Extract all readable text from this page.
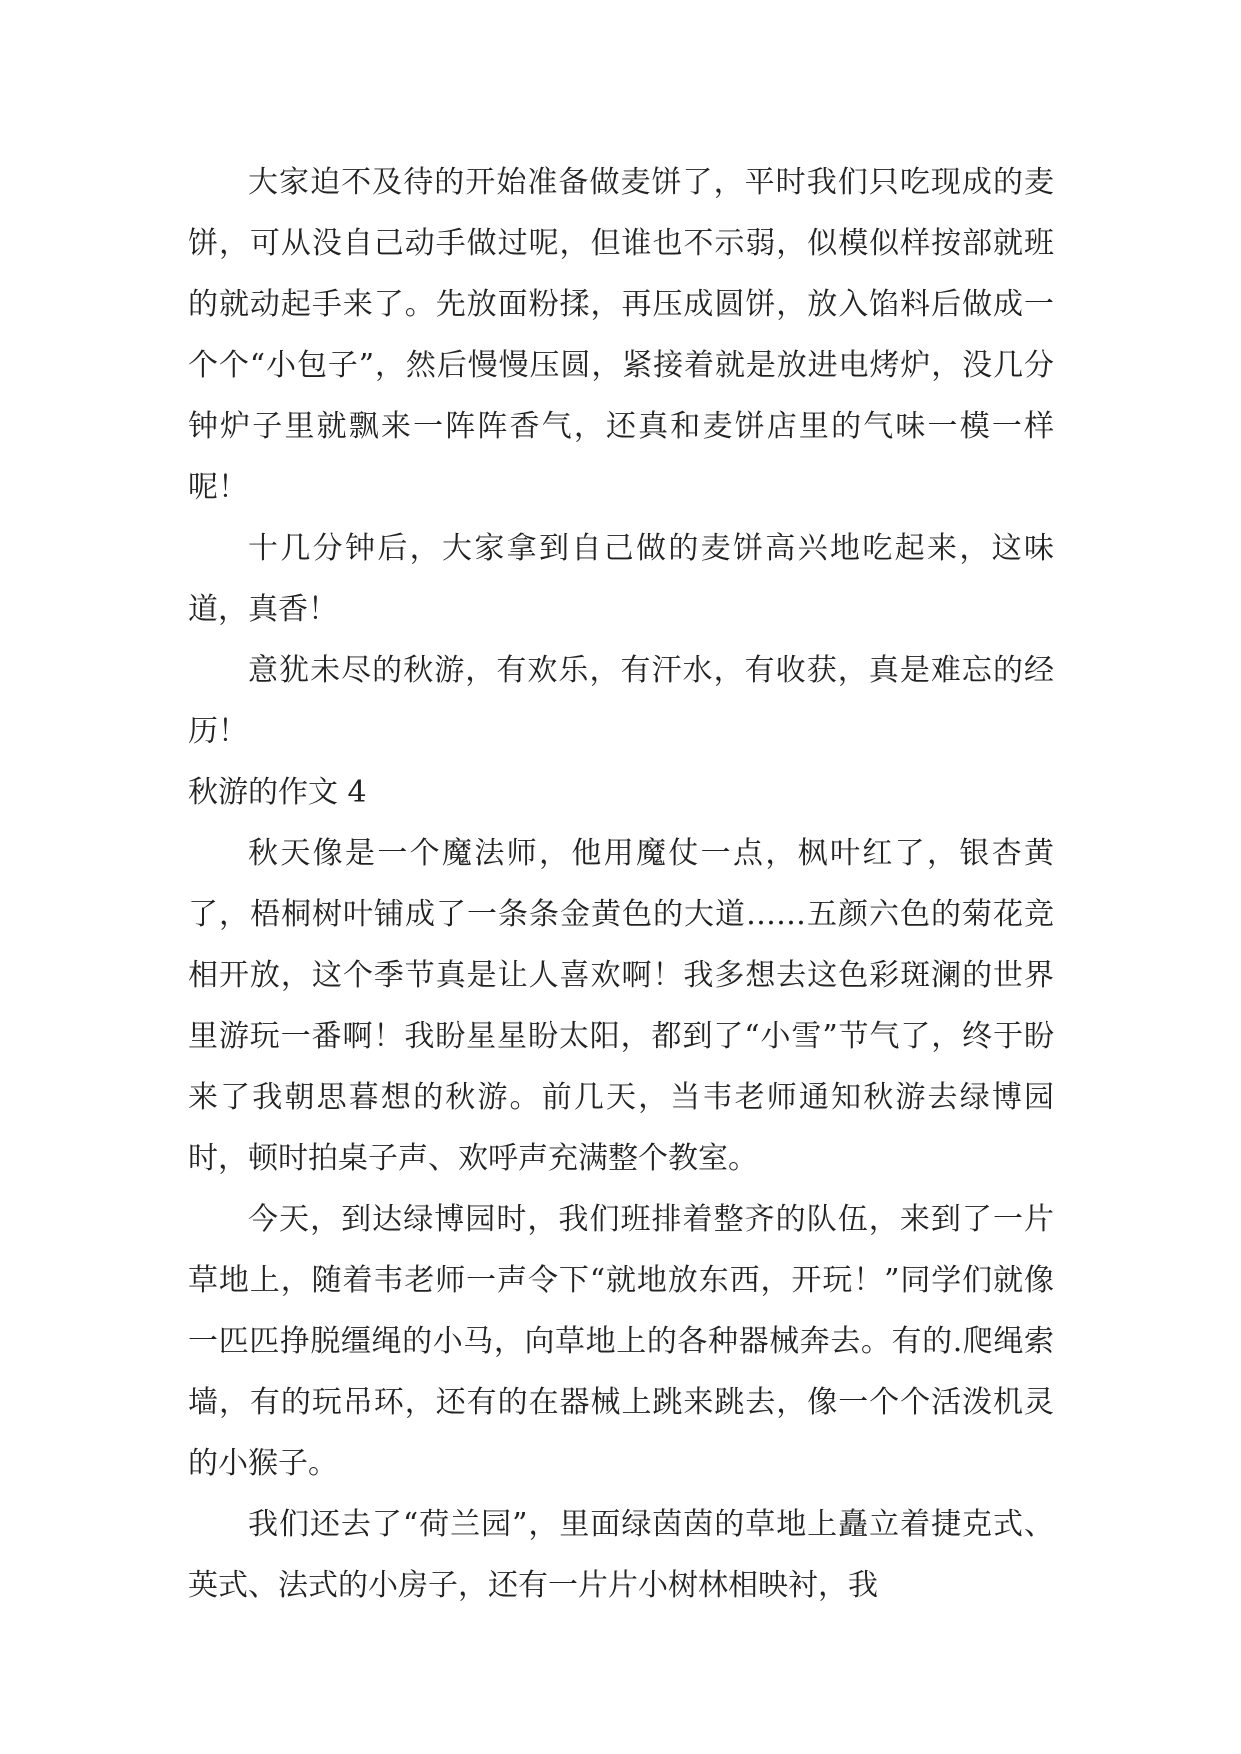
大家迫不及待的开始准备做麦饼了，平时我们只吃现成的麦饼，可从没自己动手做过呢，但谁也不示弱，似模似样按部就班的就动起手来了。先放面粉揉，再压成圆饼，放入馅料后做成一个个“小包子”，然后慢慢压圆，紧接着就是放进电烤炉，没几分钟炉子里就飘来一阵阵香气，还真和麦饼店里的气味一模一样呢！

十几分钟后，大家拿到自己做的麦饼高兴地吃起来，这味道，真香！

意犹未尽的秋游，有欢乐，有汗水，有收获，真是难忘的经历！

秋游的作文 4

秋天像是一个魔法师，他用魔仗一点，枫叶红了，银杏黄了，梧桐树叶铺成了一条条金黄色的大道……五颜六色的菊花竞相开放，这个季节真是让人喜欢啊！我多想去这色彩斑澜的世界里游玩一番啊！我盼星星盼太阳，都到了“小雪”节气了，终于盼来了我朝思暮想的秋游。前几天，当韦老师通知秋游去绿博园时，顿时拍桌子声、欢呼声充满整个教室。

今天，到达绿博园时，我们班排着整齐的队伍，来到了一片草地上，随着韦老师一声令下“就地放东西，开玩！”同学们就像一匹匹挣脱缰绳的小马，向草地上的各种器械奔去。有的.爬绳索墙，有的玩吊环，还有的在器械上跳来跳去，像一个个活泼机灵的小猴子。

我们还去了“荷兰园”，里面绿茵茵的草地上矗立着捷克式、英式、法式的小房子，还有一片片小树林相映衬，我
